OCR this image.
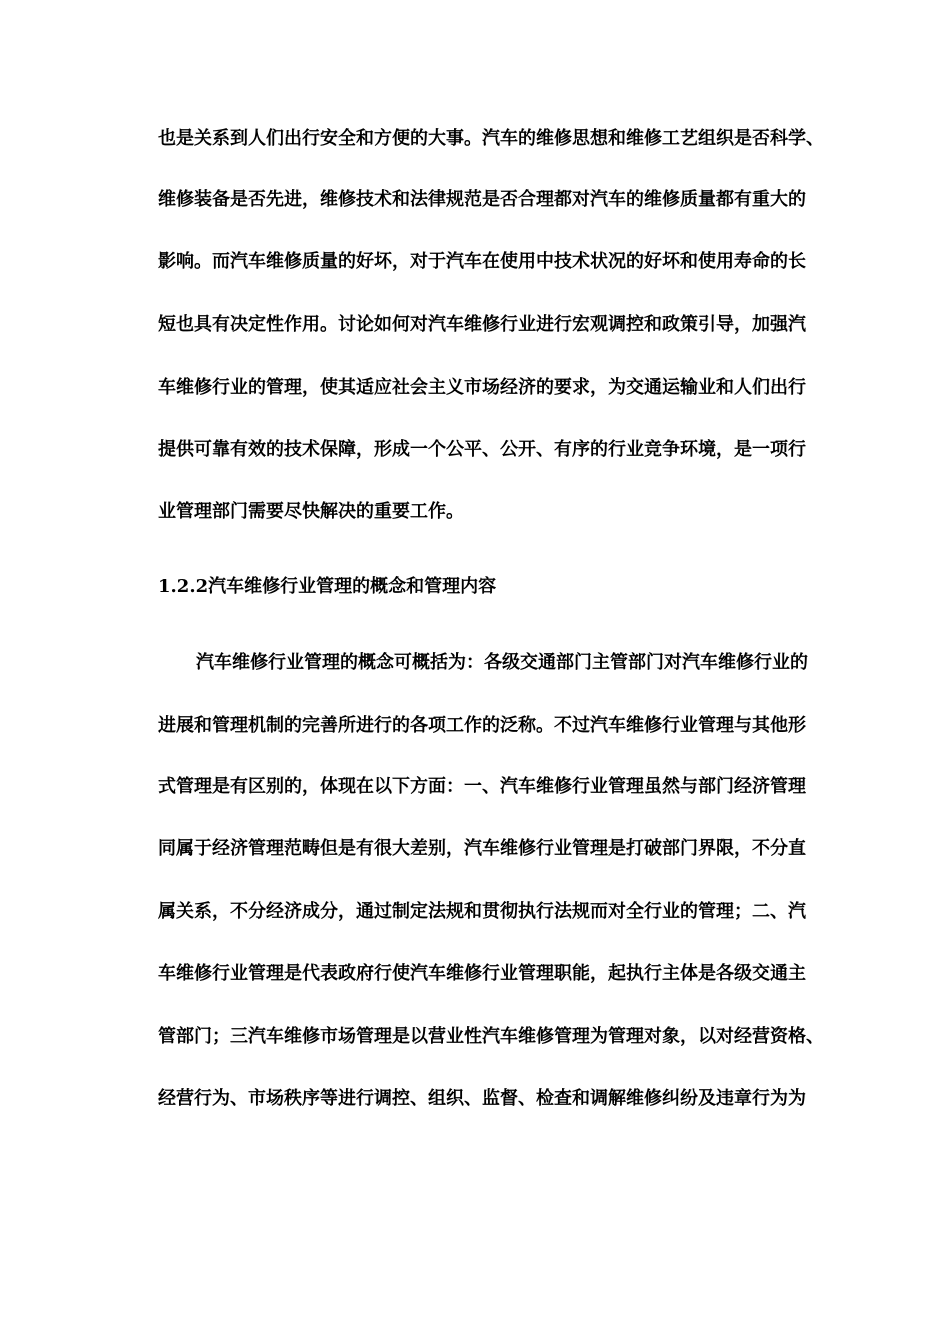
也是关系到人们出行安全和方便的大事。汽车的维修思想和维修工艺组织是否科学、
维修装备是否先进，维修技术和法律规范是否合理都对汽车的维修质量都有重大的
影响。而汽车维修质量的好坏，对于汽车在使用中技术状况的好坏和使用寿命的长
短也具有决定性作用。讨论如何对汽车维修行业进行宏观调控和政策引导，加强汽
车维修行业的管理，使其适应社会主义市场经济的要求，为交通运输业和人们出行
提供可靠有效的技术保障，形成一个公平、公开、有序的行业竞争环境，是一项行
业管理部门需要尽快解决的重要工作。
1.2.2汽车维修行业管理的概念和管理内容
汽车维修行业管理的概念可概括为：各级交通部门主管部门对汽车维修行业的
进展和管理机制的完善所进行的各项工作的泛称。不过汽车维修行业管理与其他形
式管理是有区别的，体现在以下方面：一、汽车维修行业管理虽然与部门经济管理
同属于经济管理范畴但是有很大差别，汽车维修行业管理是打破部门界限，不分直
属关系，不分经济成分，通过制定法规和贯彻执行法规而对全行业的管理；二、汽
车维修行业管理是代表政府行使汽车维修行业管理职能，起执行主体是各级交通主
管部门；三汽车维修市场管理是以营业性汽车维修管理为管理对象，以对经营资格、
经营行为、市场秩序等进行调控、组织、监督、检查和调解维修纠纷及违章行为为
